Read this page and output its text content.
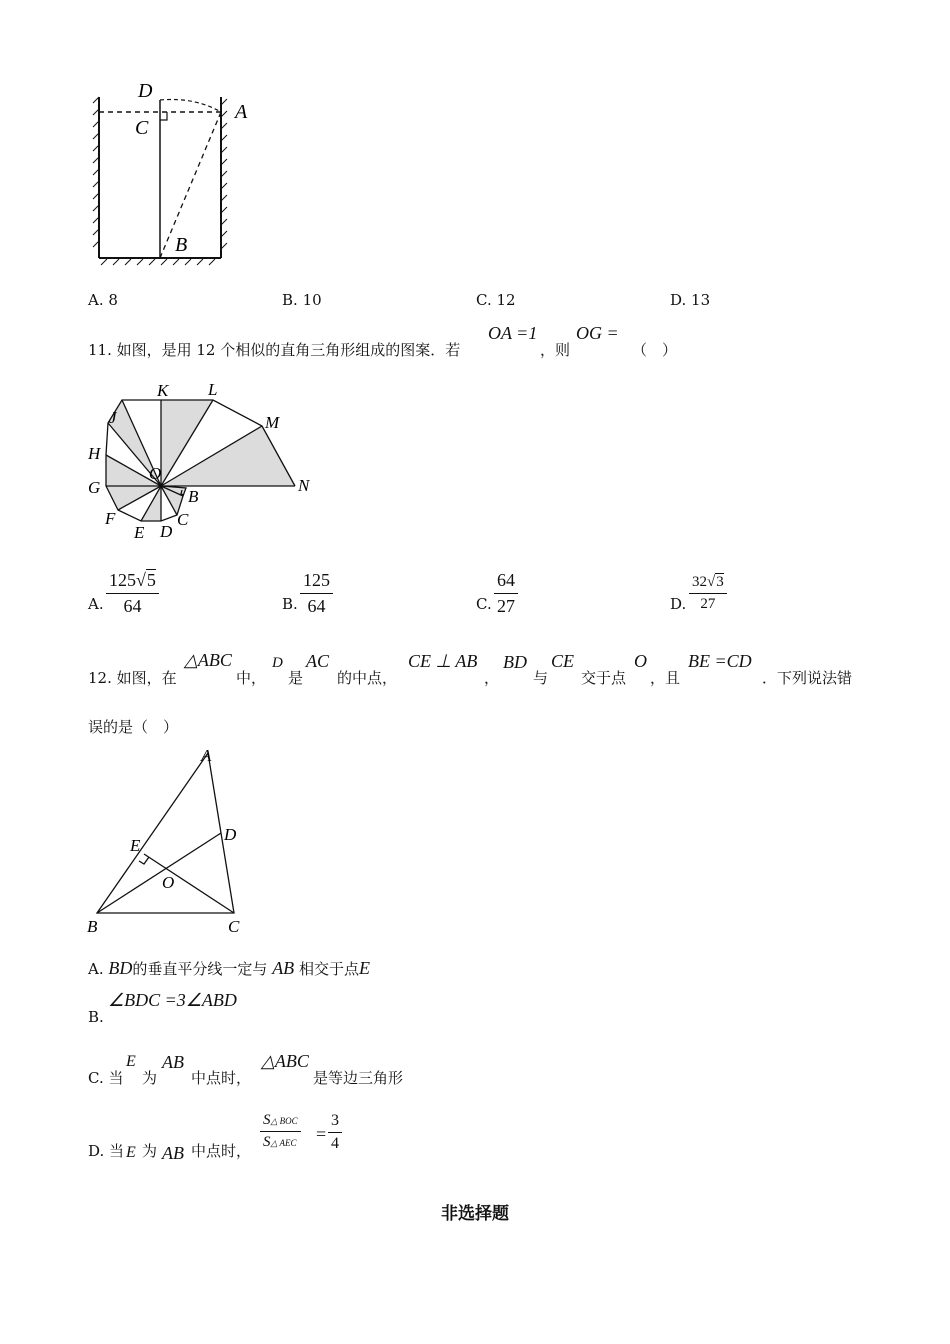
D
C
A
B
A. 8	B. 10	C. 12	D. 13
11. 如图，是用 12 个相似的直角三角形组成的图案．若
OA =1
，则
OG =
（　）
K L
J	M
H
O
G	N
B
F	C
E D
A.
125√5
64	B.
125
64	C.
64
27	D.
32√3
27
12. 如图，在
△ABC
中，
D
是
AC
的中点，
CE ⊥ AB
，
BD
与
CE
交于点
O
，且
BE =CD
．下列说法错
误的是（　）
A
D
E
O
B	C
A. BD的垂直平分线一定与 AB 相交于点E
B.
∠BDC =3∠ABD
C. 当
E
为
AB
中点时，
△ABC
是等边三角形
D. 当 E 为 AB 中点时，
S△ BOC
S△ AEC =
3
4
非选择题
